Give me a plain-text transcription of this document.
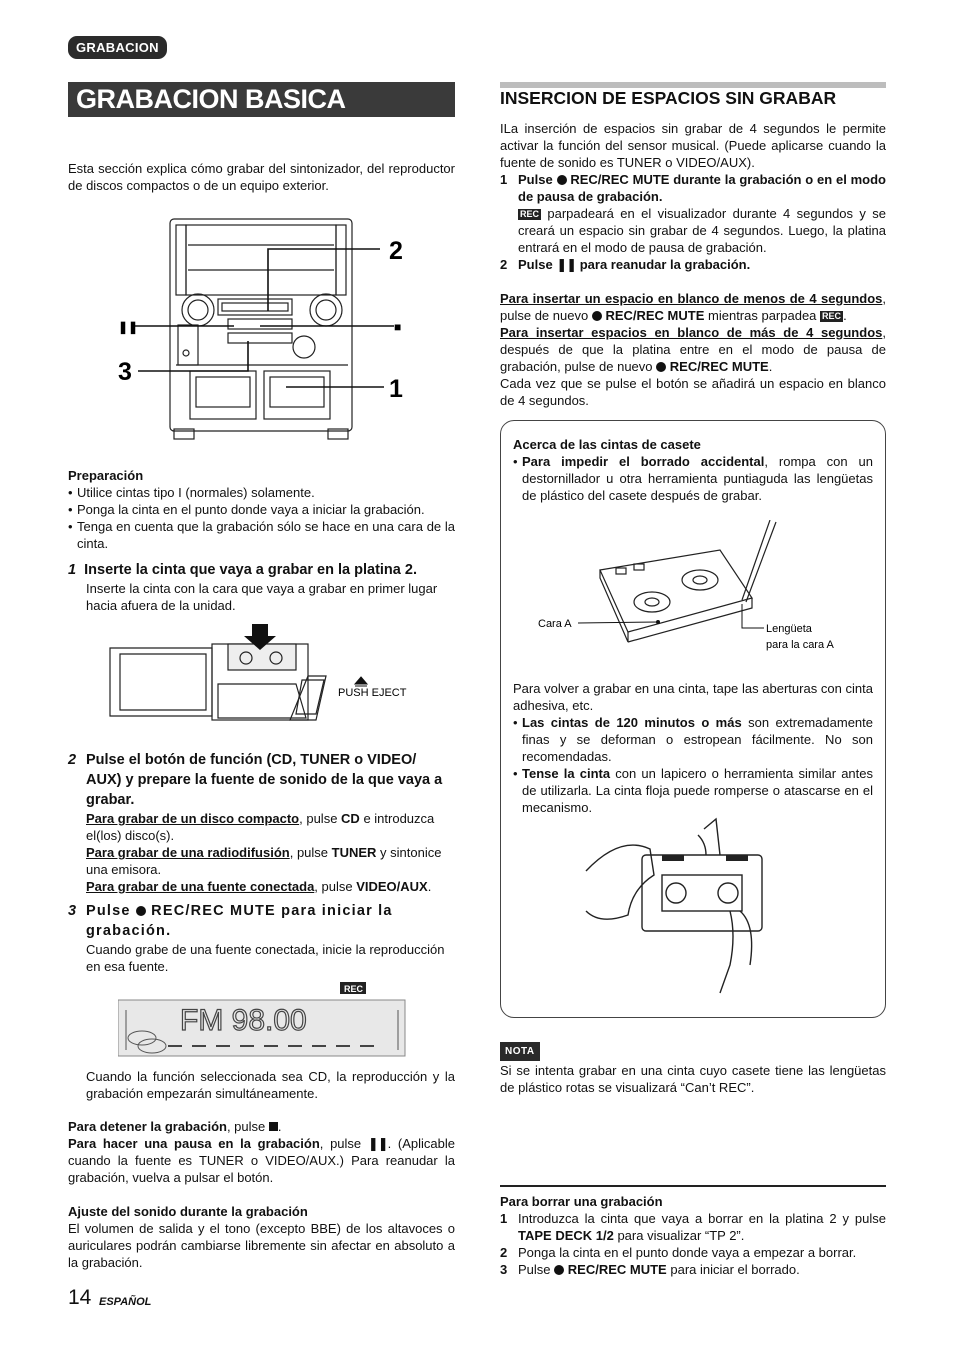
GRABACION
GRABACION BASICA

Esta sección explica cómo grabar del sintonizador, del reproductor de discos compactos o de un equipo exterior.

2
3
1
❚❚	■
Preparación
• Utilice cintas tipo I (normales) solamente.
• Ponga la cinta en el punto donde vaya a iniciar la grabación.
• Tenga en cuenta que la grabación sólo se hace en una cara de la cinta.
1 Inserte la cinta que vaya a grabar en la platina 2.
Inserte la cinta con la cara que vaya a grabar en primer lugar hacia afuera de la unidad.
PUSH EJECT
2 Pulse el botón de función (CD, TUNER o VIDEO/ AUX) y prepare la fuente de sonido de la que vaya a grabar.
Para grabar de un disco compacto, pulse CD e introduzca el(los) disco(s).
Para grabar de una radiodifusión, pulse TUNER y sintonice una emisora.
Para grabar de una fuente conectada, pulse VIDEO/AUX.
3 Pulse REC/REC MUTE para iniciar la grabación.
Cuando grabe de una fuente conectada, inicie la reproducción en esa fuente.
REC
FM 98.00

Cuando la función seleccionada sea CD, la reproducción y la grabación empezarán simultáneamente.

Para detener la grabación, pulse .
Para hacer una pausa en la grabación, pulse ❚❚. (Aplicable cuando la fuente es TUNER o VIDEO/AUX.) Para reanudar la grabación, vuelva a pulsar el botón.
Ajuste del sonido durante la grabación
El volumen de salida y el tono (excepto BBE) de los altavoces o auriculares podrán cambiarse libremente sin afectar en absoluto a la grabación.
14 ESPAÑOL
INSERCION DE ESPACIOS SIN GRABAR

ILa inserción de espacios sin grabar de 4 segundos le permite activar la función del sensor musical. (Puede aplicarse cuando la fuente de sonido es TUNER o VIDEO/AUX).

1 Pulse REC/REC MUTE durante la grabación o en el modo de pausa de grabación.
REC parpadeará en el visualizador durante 4 segundos y se creará un espacio sin grabar de 4 segundos. Luego, la platina entrará en el modo de pausa de grabación.
2 Pulse ❚❚ para reanudar la grabación.
Para insertar un espacio en blanco de menos de 4 segundos, pulse de nuevo REC/REC MUTE mientras parpadea REC .
Para insertar espacios en blanco de más de 4 segundos, después de que la platina entre en el modo de pausa de grabación, pulse de nuevo REC/REC MUTE.
Cada vez que se pulse el botón se añadirá un espacio en blanco de 4 segundos.
Acerca de las cintas de casete
• Para impedir el borrado accidental, rompa con un destornillador u otra herramienta puntiaguda las lengüetas de plástico del casete después de grabar.
Cara A	Lengüeta
para la cara A
Para volver a grabar en una cinta, tape las aberturas con cinta adhesiva, etc.
• Las cintas de 120 minutos o más son extremadamente finas y se deforman o estropean fácilmente. No son recomendadas.
• Tense la cinta con un lapicero o herramienta similar antes de utilizarla. La cinta floja puede romperse o atascarse en el mecanismo.
NOTA

Si se intenta grabar en una cinta cuyo casete tiene las lengüetas de plástico rotas se visualizará “Can’t REC”.

Para borrar una grabación
1 Introduzca la cinta que vaya a borrar en la platina 2 y pulse TAPE DECK 1/2 para visualizar “TP 2”.
2 Ponga la cinta en el punto donde vaya a empezar a borrar.
3 Pulse REC/REC MUTE para iniciar el borrado.
